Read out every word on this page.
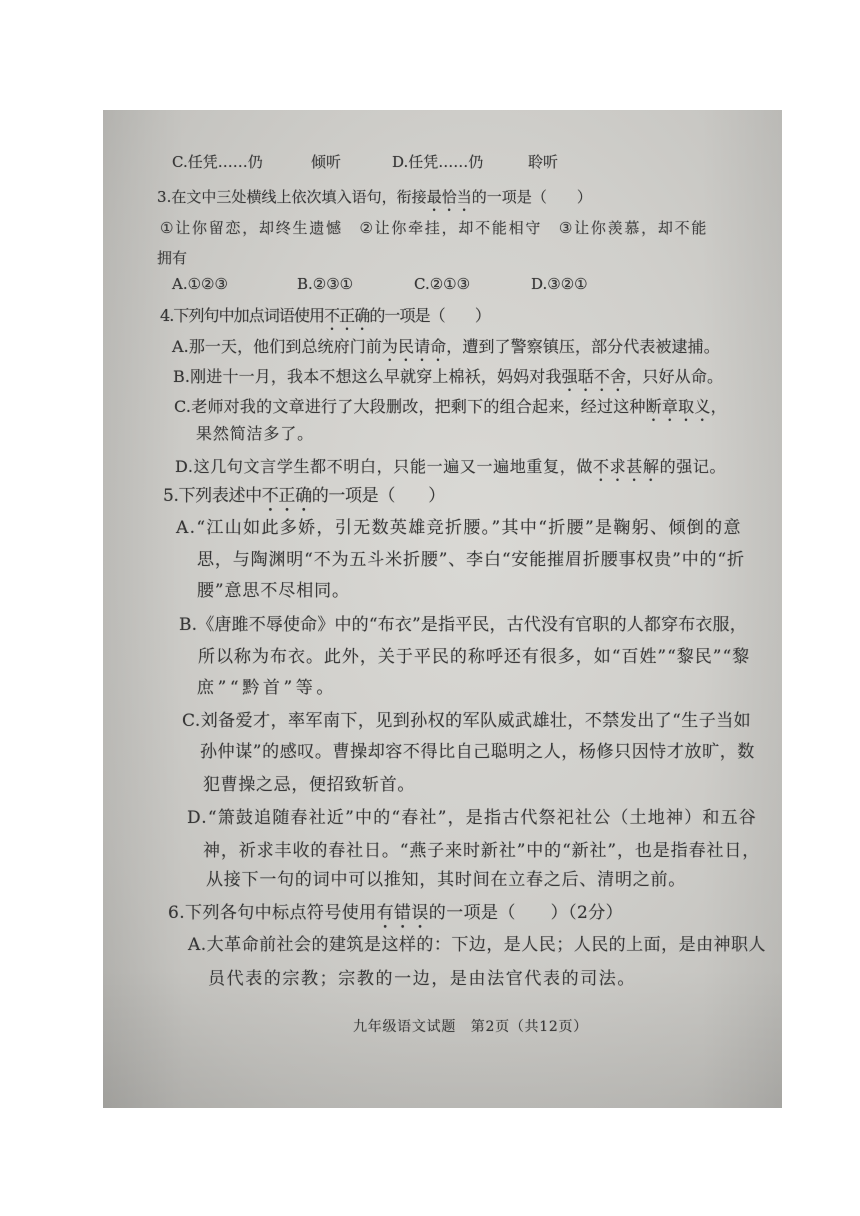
C.任凭……仍	倾听	D.任凭……仍	聆听
3.在文中三处横线上依次填入语句，衔接最恰当的一项是（　　）
①让你留恋，却终生遗憾　②让你牵挂，却不能相守　③让你羡慕，却不能
拥有
A.①②③	B.②③①	C.②①③	D.③②①
4.下列句中加点词语使用不正确的一项是（　　）
A.那一天，他们到总统府门前为民请命，遭到了警察镇压，部分代表被逮捕。
B.刚进十一月，我本不想这么早就穿上棉袄，妈妈对我强聒不舍，只好从命。
C.老师对我的文章进行了大段删改，把剩下的组合起来，经过这种断章取义，
果然简洁多了。
D.这几句文言学生都不明白，只能一遍又一遍地重复，做不求甚解的强记。
5.下列表述中不正确的一项是（　　）
A.“江山如此多娇，引无数英雄竞折腰。”其中“折腰”是鞠躬、倾倒的意
思，与陶渊明“不为五斗米折腰”、李白“安能摧眉折腰事权贵”中的“折
腰”意思不尽相同。
B.《唐雎不辱使命》中的“布衣”是指平民，古代没有官职的人都穿布衣服，
所以称为布衣。此外，关于平民的称呼还有很多，如“百姓”“黎民”“黎
庶”“黔首”等。
C.刘备爱才，率军南下，见到孙权的军队威武雄壮，不禁发出了“生子当如
孙仲谋”的感叹。曹操却容不得比自己聪明之人，杨修只因恃才放旷，数
犯曹操之忌，便招致斩首。
D.“箫鼓追随春社近”中的“春社”，是指古代祭祀社公（土地神）和五谷
神，祈求丰收的春社日。“燕子来时新社”中的“新社”，也是指春社日，
从接下一句的词中可以推知，其时间在立春之后、清明之前。
6.下列各句中标点符号使用有错误的一项是（　　）（2分）
A.大革命前社会的建筑是这样的：下边，是人民；人民的上面，是由神职人
员代表的宗教；宗教的一边，是由法官代表的司法。
九年级语文试题　第2页（共12页）
